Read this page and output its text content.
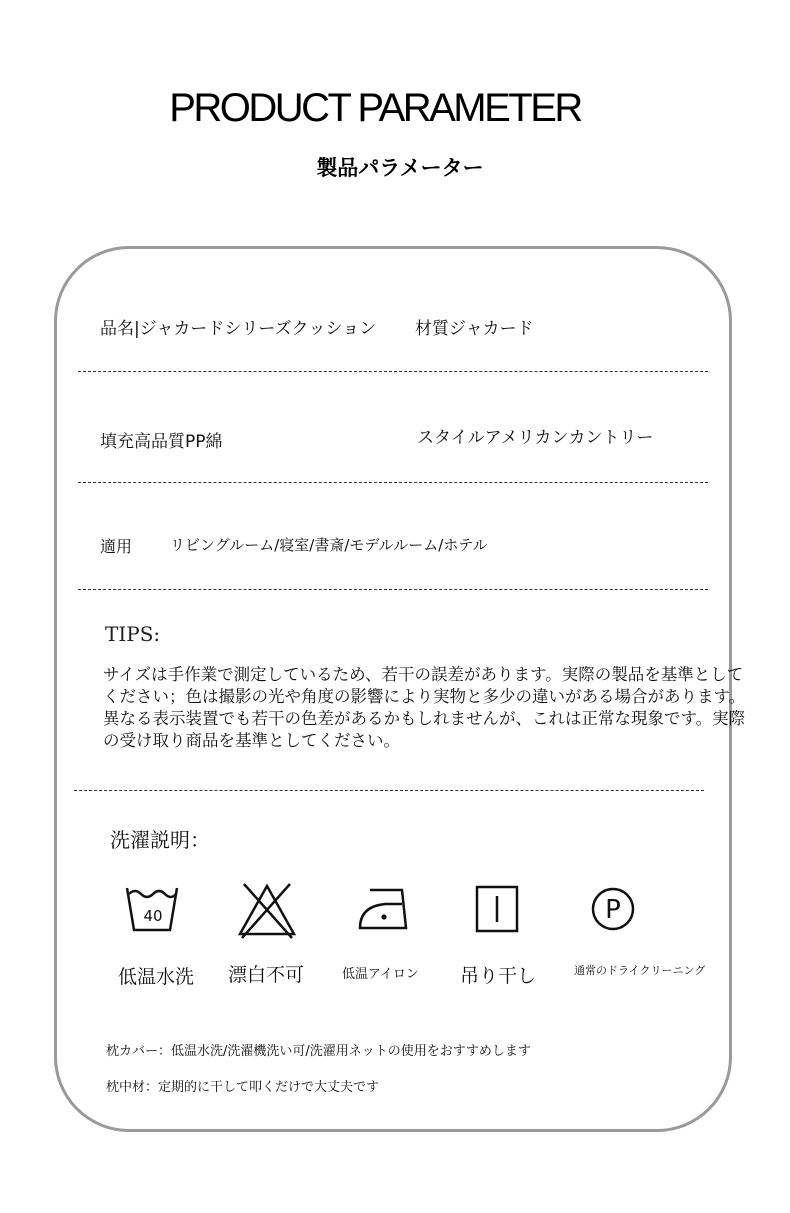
PRODUCT PARAMETER
製品パラメーター
品名|ジャカードシリーズクッション 材質ジャカード
填充高品質PP綿	スタイルアメリカンカントリー
適用	リビングルーム/寝室/書斎/モデルルーム/ホテル
TIPS:
サイズは手作業で測定しているため、若干の誤差があります。実際の製品を基準としてください；色は撮影の光や角度の影響により実物と多少の違いがある場合があります。異なる表示装置でも若干の色差があるかもしれませんが、これは正常な現象です。実際の受け取り商品を基準としてください。
洗濯説明：
40
低温水洗 漂白不可	低温アイロン 吊り干し
P
通常のドライクリーニング
枕カバー：低温水洗/洗濯機洗い可/洗濯用ネットの使用をおすすめします
枕中材：定期的に干して叩くだけで大丈夫です
